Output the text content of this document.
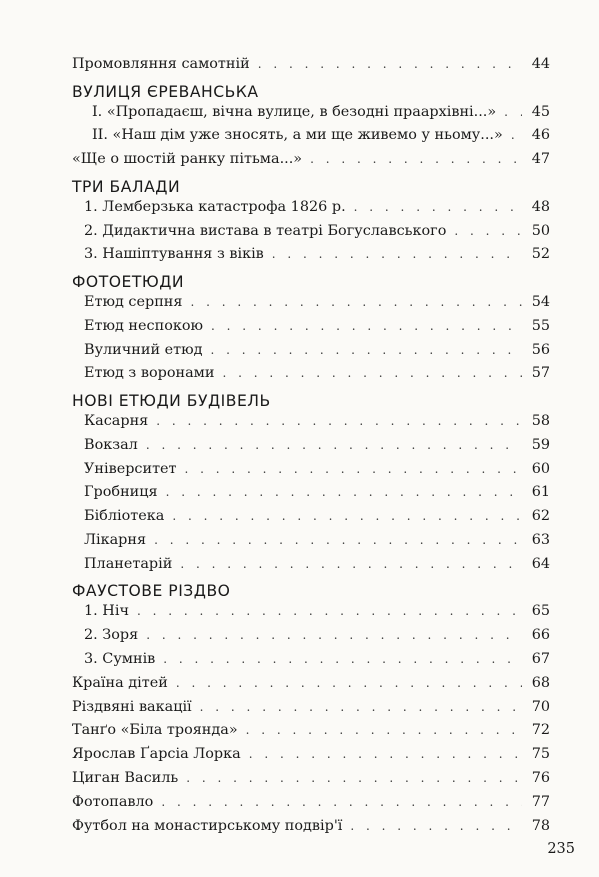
Промовляння самотній . . .	44
ВУЛИЦЯ ЄРЕВАНСЬКА
I. «Пропадаєш, вічна вулице, в безодні праархівні...» . . . 45
II. «Наш дім уже зносять, а ми ще живемо у ньому...» . . . 46
«Ще о шостій ранку пітьма...» . . .	47
ТРИ БАЛАДИ
1. Лемберзька катастрофа 1826 р. . . .	48
2. Дидактична вистава в театрі Богуславського . . .	50
3. Нашіптування з віків . . .	52
ФОТОЕТЮДИ
Етюд серпня . . .	54
Етюд неспокою . . .	55
Вуличний етюд . . .	56
Етюд з воронами . . .	57
НОВІ ЕТЮДИ БУДІВЕЛЬ
Касарня . . .	58
Вокзал . . .	59
Університет . . .	60
Гробниця . . .	61
Бібліотека . . .	62
Лікарня . . .	63
Планетарій . . .	64
ФАУСТОВЕ РІЗДВО
1. Ніч . . .	65
2. Зоря . . .	66
3. Сумнів . . .	67
Країна дітей . . .	68
Різдвяні вакації . . .	70
Танґо «Біла троянда» . . .	72
Ярослав Ґарсіа Лорка . . .	75
Циган Василь . . .	76
Фотопавло . . .	77
Футбол на монастирському подвір'ї . . .	78
235
